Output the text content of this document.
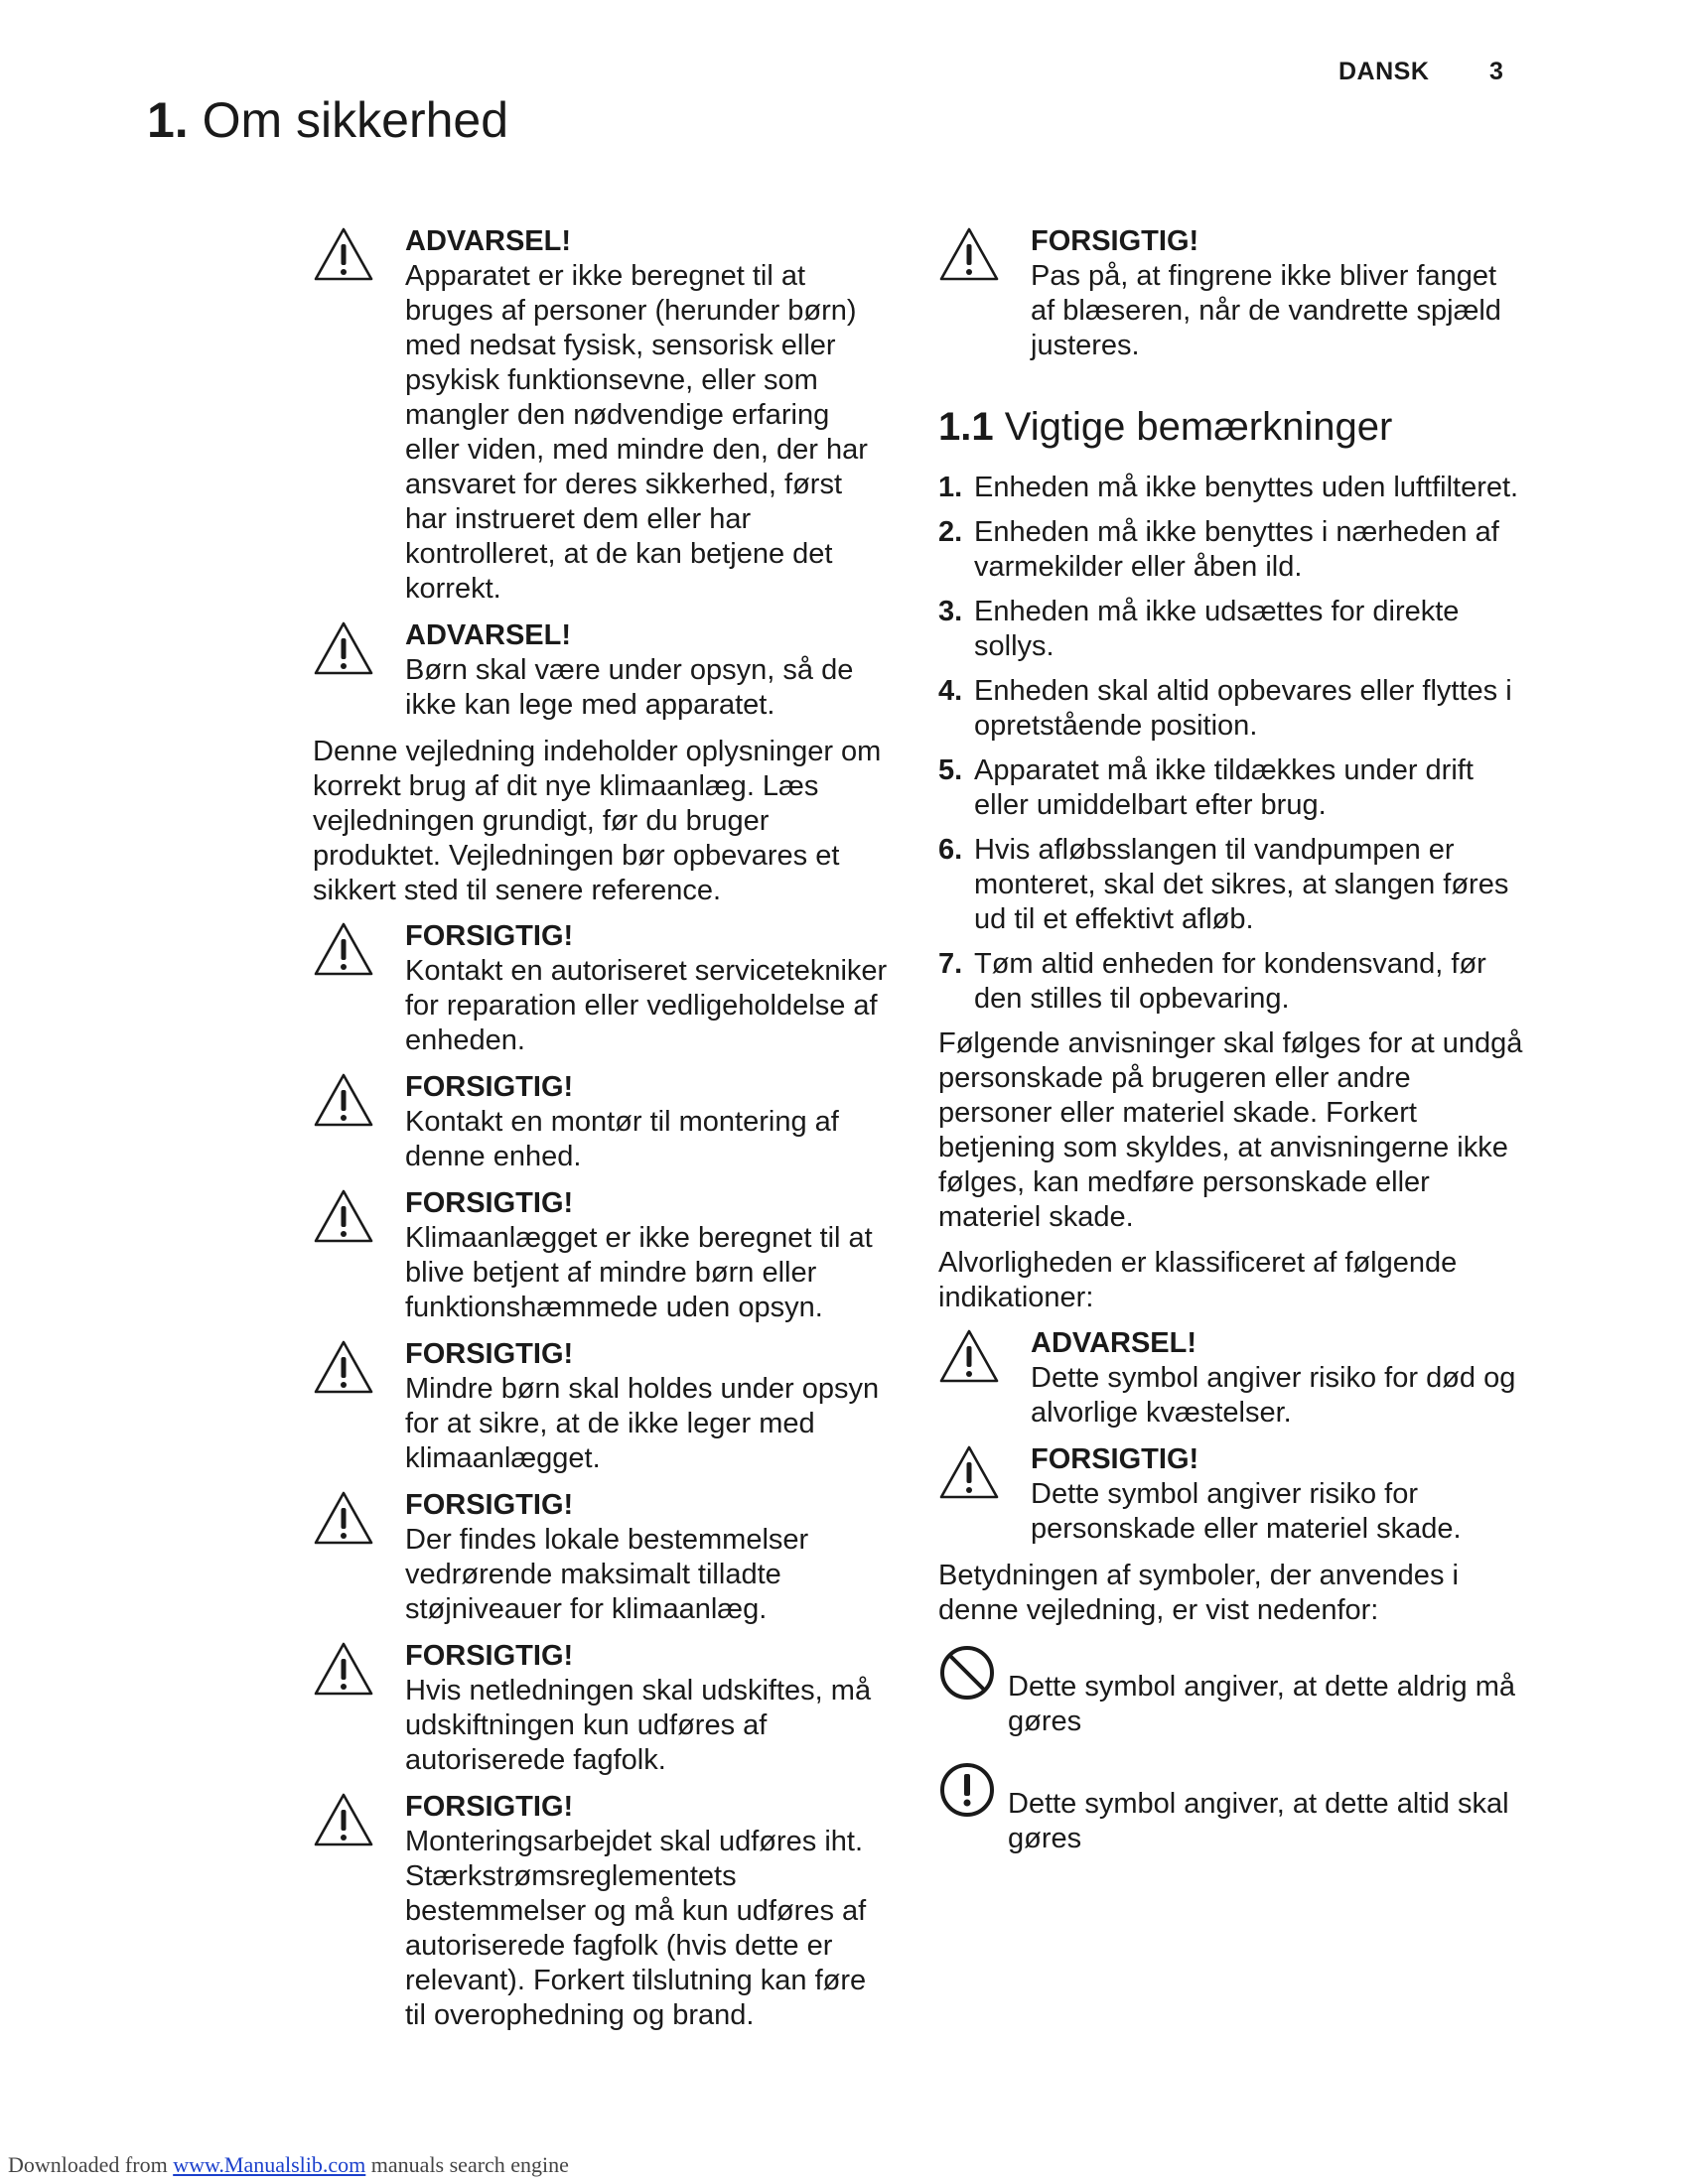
DANSK 3
1. Om sikkerhed
ADVARSEL!
Apparatet er ikke beregnet til at bruges af personer (herunder børn) med nedsat fysisk, sensorisk eller psykisk funktionsevne, eller som mangler den nødvendige erfaring eller viden, med mindre den, der har ansvaret for deres sikkerhed, først har instrueret dem eller har kontrolleret, at de kan betjene det korrekt.
ADVARSEL!
Børn skal være under opsyn, så de ikke kan lege med apparatet.

Denne vejledning indeholder oplysninger om korrekt brug af dit nye klimaanlæg. Læs vejledningen grundigt, før du bruger produktet. Vejledningen bør opbevares et sikkert sted til senere reference.

FORSIGTIG!
Kontakt en autoriseret servicetekniker for reparation eller vedligeholdelse af enheden.
FORSIGTIG!
Kontakt en montør til montering af denne enhed.
FORSIGTIG!
Klimaanlægget er ikke beregnet til at blive betjent af mindre børn eller funktionshæmmede uden opsyn.
FORSIGTIG!
Mindre børn skal holdes under opsyn for at sikre, at de ikke leger med klimaanlægget.
FORSIGTIG!
Der findes lokale bestemmelser vedrørende maksimalt tilladte støjniveauer for klimaanlæg.
FORSIGTIG!
Hvis netledningen skal udskiftes, må udskiftningen kun udføres af autoriserede fagfolk.
FORSIGTIG!
Monteringsarbejdet skal udføres iht. Stærkstrømsreglementets bestemmelser og må kun udføres af autoriserede fagfolk (hvis dette er relevant). Forkert tilslutning kan føre til overophedning og brand.
FORSIGTIG!
Pas på, at fingrene ikke bliver fanget af blæseren, når de vandrette spjæld justeres.
1.1 Vigtige bemærkninger
1. Enheden må ikke benyttes uden luftfilteret.
2. Enheden må ikke benyttes i nærheden af varmekilder eller åben ild.
3. Enheden må ikke udsættes for direkte sollys.
4. Enheden skal altid opbevares eller flyttes i opretstående position.
5. Apparatet må ikke tildækkes under drift eller umiddelbart efter brug.
6. Hvis afløbsslangen til vandpumpen er monteret, skal det sikres, at slangen føres ud til et effektivt afløb.
7. Tøm altid enheden for kondensvand, før den stilles til opbevaring.

Følgende anvisninger skal følges for at undgå personskade på brugeren eller andre personer eller materiel skade. Forkert betjening som skyldes, at anvisningerne ikke følges, kan medføre personskade eller materiel skade.

Alvorligheden er klassificeret af følgende indikationer:

ADVARSEL!
Dette symbol angiver risiko for død og alvorlige kvæstelser.
FORSIGTIG!
Dette symbol angiver risiko for personskade eller materiel skade.

Betydningen af symboler, der anvendes i denne vejledning, er vist nedenfor:

Dette symbol angiver, at dette aldrig må gøres
Dette symbol angiver, at dette altid skal gøres
Downloaded from www.Manualslib.com manuals search engine
